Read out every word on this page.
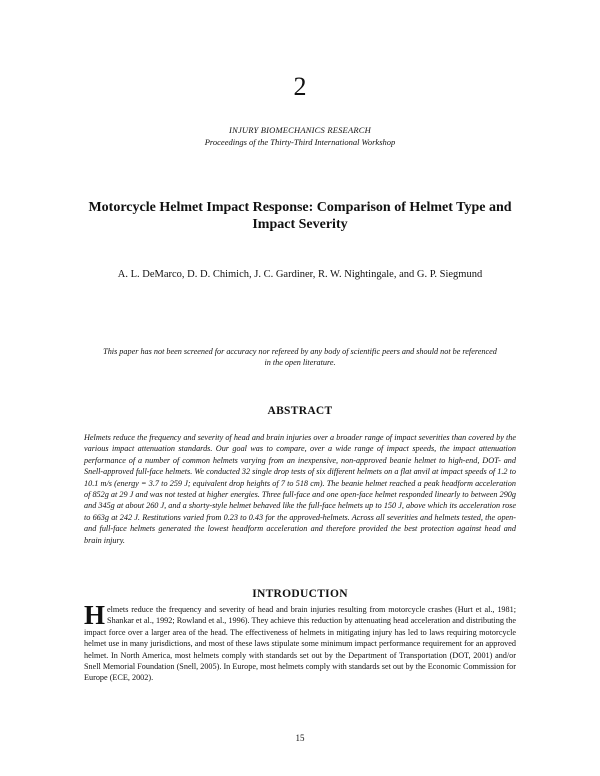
2
INJURY BIOMECHANICS RESEARCH
Proceedings of the Thirty-Third International Workshop
Motorcycle Helmet Impact Response: Comparison of Helmet Type and Impact Severity
A. L. DeMarco, D. D. Chimich, J. C. Gardiner, R. W. Nightingale, and G. P. Siegmund
This paper has not been screened for accuracy nor refereed by any body of scientific peers and should not be referenced in the open literature.
ABSTRACT
Helmets reduce the frequency and severity of head and brain injuries over a broader range of impact severities than covered by the various impact attenuation standards. Our goal was to compare, over a wide range of impact speeds, the impact attenuation performance of a number of common helmets varying from an inexpensive, non-approved beanie helmet to high-end, DOT- and Snell-approved full-face helmets. We conducted 32 single drop tests of six different helmets on a flat anvil at impact speeds of 1.2 to 10.1 m/s (energy = 3.7 to 259 J; equivalent drop heights of 7 to 518 cm). The beanie helmet reached a peak headform acceleration of 852g at 29 J and was not tested at higher energies. Three full-face and one open-face helmet responded linearly to between 290g and 345g at about 260 J, and a shorty-style helmet behaved like the full-face helmets up to 150 J, above which its acceleration rose to 663g at 242 J. Restitutions varied from 0.23 to 0.43 for the approved-helmets. Across all severities and helmets tested, the open- and full-face helmets generated the lowest headform acceleration and therefore provided the best protection against head and brain injury.
INTRODUCTION
Helmets reduce the frequency and severity of head and brain injuries resulting from motorcycle crashes (Hurt et al., 1981; Shankar et al., 1992; Rowland et al., 1996). They achieve this reduction by attenuating head acceleration and distributing the impact force over a larger area of the head. The effectiveness of helmets in mitigating injury has led to laws requiring motorcycle helmet use in many jurisdictions, and most of these laws stipulate some minimum impact performance requirement for an approved helmet. In North America, most helmets comply with standards set out by the Department of Transportation (DOT, 2001) and/or Snell Memorial Foundation (Snell, 2005). In Europe, most helmets comply with standards set out by the Economic Commission for Europe (ECE, 2002).
15
